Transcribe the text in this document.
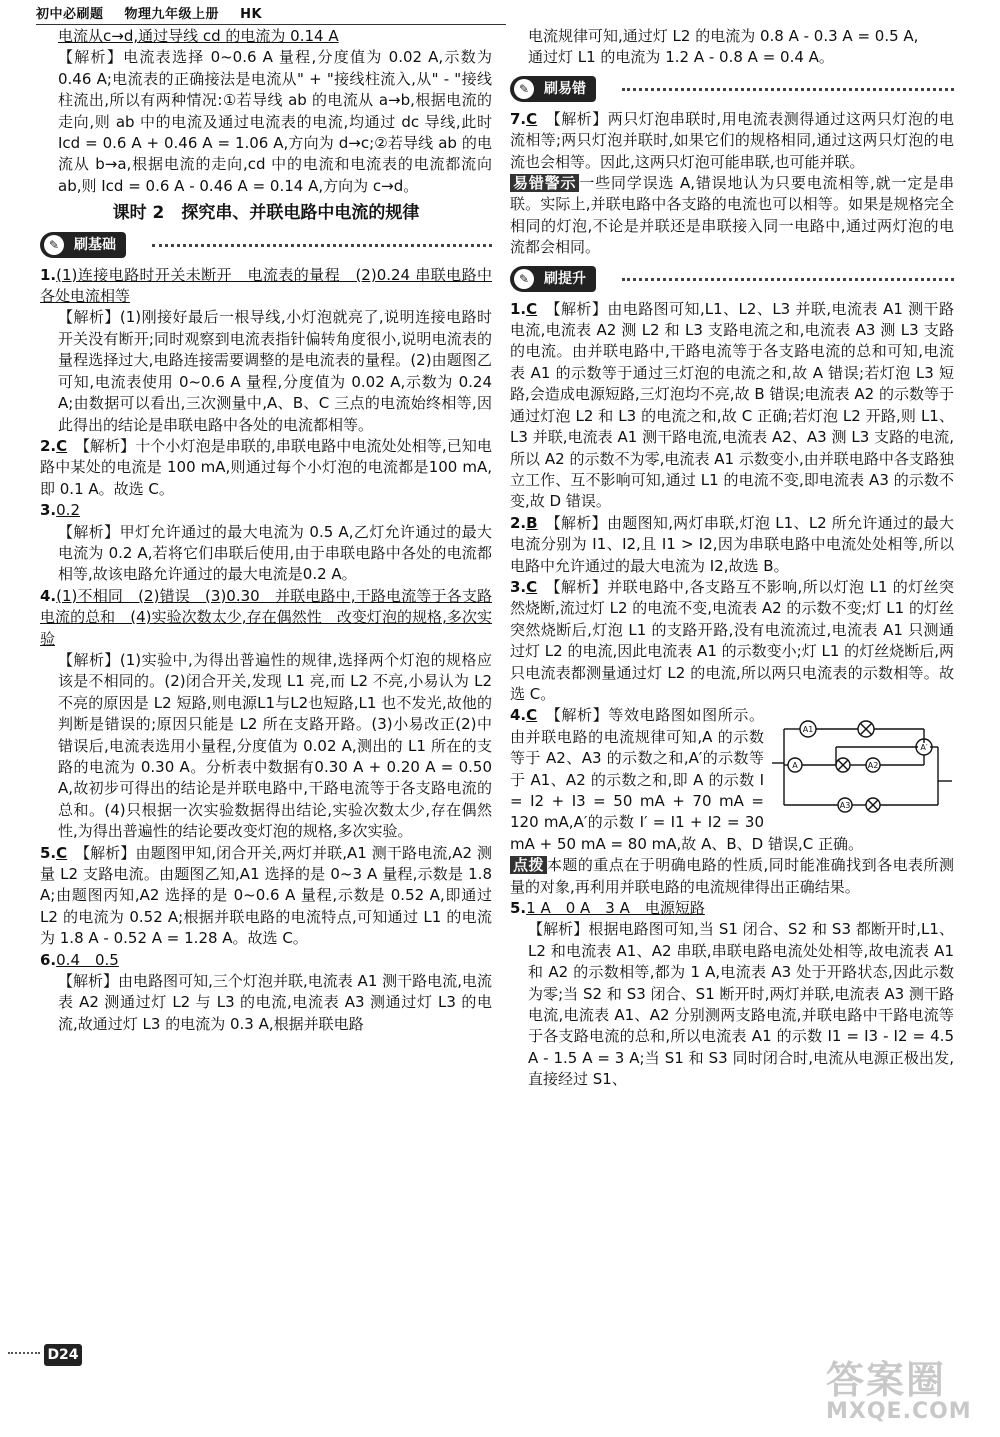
初中必刷题 物理九年级上册 HK

电流从c→d,通过导线 cd 的电流为 0.14 A

【解析】电流表选择 0~0.6 A 量程,分度值为 0.02 A,示数为0.46 A;电流表的正确接法是电流从" + "接线柱流入,从" - "接线柱流出,所以有两种情况:①若导线 ab 的电流从 a→b,根据电流的走向,则 ab 中的电流及通过电流表的电流,均通过 dc 导线,此时 Icd = 0.6 A + 0.46 A = 1.06 A,方向为 d→c;②若导线 ab 的电流从 b→a,根据电流的走向,cd 中的电流和电流表的电流都流向 ab,则 Icd = 0.6 A - 0.46 A = 0.14 A,方向为 c→d。

课时 2　探究串、并联电路中电流的规律
✎	刷基础

1.(1)连接电路时开关未断开　电流表的量程　(2)0.24 串联电路中各处电流相等

【解析】(1)刚接好最后一根导线,小灯泡就亮了,说明连接电路时开关没有断开;同时观察到电流表指针偏转角度很小,说明电流表的量程选择过大,电路连接需要调整的是电流表的量程。(2)由题图乙可知,电流表使用 0~0.6 A 量程,分度值为 0.02 A,示数为 0.24 A;由数据可以看出,三次测量中,A、B、C 三点的电流始终相等,因此得出的结论是串联电路中各处的电流都相等。

2.C　 【解析】十个小灯泡是串联的,串联电路中电流处处相等,已知电路中某处的电流是 100 mA,则通过每个小灯泡的电流都是100 mA,即 0.1 A。故选 C。

3.0.2

【解析】甲灯允许通过的最大电流为 0.5 A,乙灯允许通过的最大电流为 0.2 A,若将它们串联后使用,由于串联电路中各处的电流都相等,故该电路允许通过的最大电流是0.2 A。

4.(1)不相同　(2)错误　(3)0.30　并联电路中,干路电流等于各支路电流的总和　(4)实验次数太少,存在偶然性　改变灯泡的规格,多次实验

【解析】(1)实验中,为得出普遍性的规律,选择两个灯泡的规格应该是不相同的。(2)闭合开关,发现 L1 亮,而 L2 不亮,小易认为 L2 不亮的原因是 L2 短路,则电源L1与L2也短路,L1 也不发光,故他的判断是错误的;原因只能是 L2 所在支路开路。(3)小易改正(2)中错误后,电流表选用小量程,分度值为 0.02 A,测出的 L1 所在的支路的电流为 0.30 A。分析表中数据有0.30 A + 0.20 A = 0.50 A,故初步可得出的结论是并联电路中,干路电流等于各支路电流的总和。(4)只根据一次实验数据得出结论,实验次数太少,存在偶然性,为得出普遍性的结论要改变灯泡的规格,多次实验。

5.C　 【解析】由题图甲知,闭合开关,两灯并联,A1 测干路电流,A2 测量 L2 支路电流。由题图乙知,A1 选择的是 0~3 A 量程,示数是 1.8 A;由题图丙知,A2 选择的是 0~0.6 A 量程,示数是 0.52 A,即通过 L2 的电流为 0.52 A;根据并联电路的电流特点,可知通过 L1 的电流为 1.8 A - 0.52 A = 1.28 A。故选 C。

6.0.4　0.5

【解析】由电路图可知,三个灯泡并联,电流表 A1 测干路电流,电流表 A2 测通过灯 L2 与 L3 的电流,电流表 A3 测通过灯 L3 的电流,故通过灯 L3 的电流为 0.3 A,根据并联电路

电流规律可知,通过灯 L2 的电流为 0.8 A - 0.3 A = 0.5 A,

通过灯 L1 的电流为 1.2 A - 0.8 A = 0.4 A。

✎	刷易错

7.C　 【解析】两只灯泡串联时,用电流表测得通过这两只灯泡的电流相等;两只灯泡并联时,如果它们的规格相同,通过这两只灯泡的电流也会相等。因此,这两只灯泡可能串联,也可能并联。

易错警示 一些同学误选 A,错误地认为只要电流相等,就一定是串联。实际上,并联电路中各支路的电流也可以相等。如果是规格完全相同的灯泡,不论是并联还是串联接入同一电路中,通过两灯泡的电流都会相同。

✎	刷提升

1.C　 【解析】由电路图可知,L1、L2、L3 并联,电流表 A1 测干路电流,电流表 A2 测 L2 和 L3 支路电流之和,电流表 A3 测 L3 支路的电流。由并联电路中,干路电流等于各支路电流的总和可知,电流表 A1 的示数等于通过三灯泡的电流之和,故 A 错误;若灯泡 L3 短路,会造成电源短路,三灯泡均不亮,故 B 错误;电流表 A2 的示数等于通过灯泡 L2 和 L3 的电流之和,故 C 正确;若灯泡 L2 开路,则 L1、L3 并联,电流表 A1 测干路电流,电流表 A2、A3 测 L3 支路的电流,所以 A2 的示数不为零,电流表 A1 示数变小,由并联电路中各支路独立工作、互不影响可知,通过 L1 的电流不变,即电流表 A3 的示数不变,故 D 错误。

2.B　 【解析】由题图知,两灯串联,灯泡 L1、L2 所允许通过的最大电流分别为 I1、I2,且 I1 > I2,因为串联电路中电流处处相等,所以电路中允许通过的最大电流为 I2,故选 B。

3.C　 【解析】并联电路中,各支路互不影响,所以灯泡 L1 的灯丝突然烧断,流过灯 L2 的电流不变,电流表 A2 的示数不变;灯 L1 的灯丝突然烧断后,灯泡 L1 的支路开路,没有电流流过,电流表 A1 只测通过灯 L2 的电流,因此电流表 A1 的示数变小;灯 L1 的灯丝烧断后,两只电流表都测量通过灯 L2 的电流,所以两只电流表的示数相等。故选 C。

A1
A′
A	A2
A3

4.C　 【解析】等效电路图如图所示。由并联电路的电流规律可知,A 的示数等于 A2、A3 的示数之和,A′的示数等于 A1、A2 的示数之和,即 A 的示数 I = I2 + I3 = 50 mA + 70 mA = 120 mA,A′的示数 I′ = I1 + I2 = 30 mA + 50 mA = 80 mA,故 A、B、D 错误,C 正确。

点拨 本题的重点在于明确电路的性质,同时能准确找到各电表所测量的对象,再利用并联电路的电流规律得出正确结果。

5.1 A　0 A　3 A　电源短路

【解析】根据电路图可知,当 S1 闭合、S2 和 S3 都断开时,L1、L2 和电流表 A1、A2 串联,串联电路电流处处相等,故电流表 A1 和 A2 的示数相等,都为 1 A,电流表 A3 处于开路状态,因此示数为零;当 S2 和 S3 闭合、S1 断开时,两灯并联,电流表 A3 测干路电流,电流表 A1、A2 分别测两支路电流,并联电路中干路电流等于各支路电流的总和,所以电流表 A1 的示数 I1 = I3 - I2 = 4.5 A - 1.5 A = 3 A;当 S1 和 S3 同时闭合时,电流从电源正极出发,直接经过 S1、

D24
答案圈
MXQE.COM
